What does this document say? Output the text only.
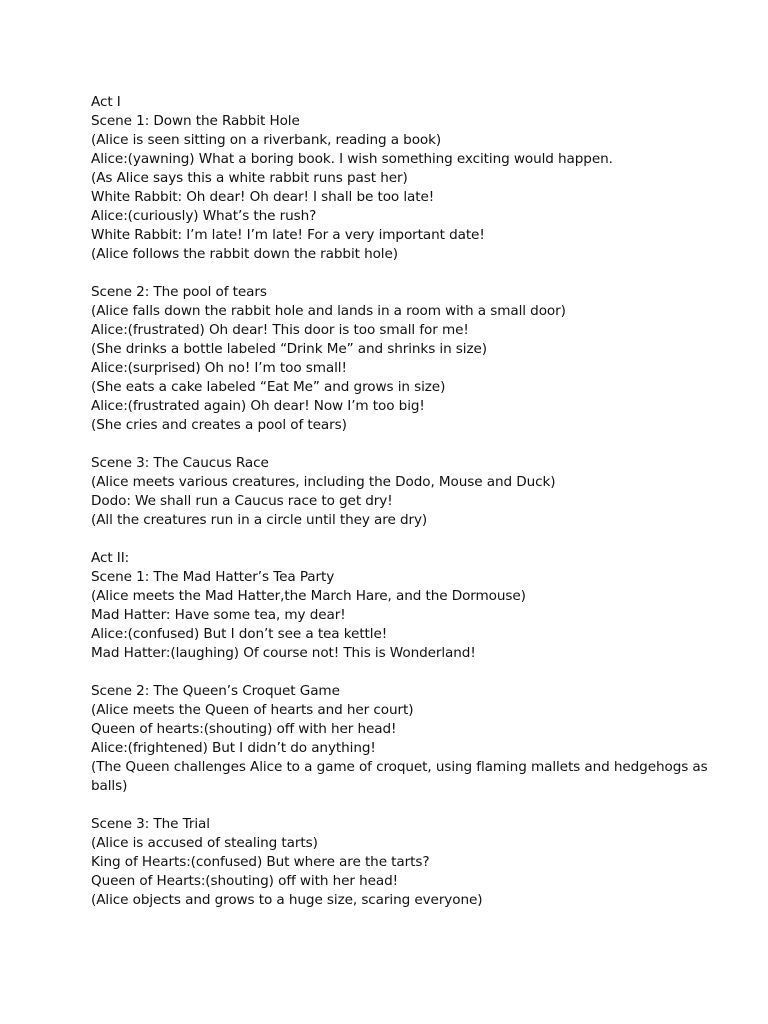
Act I
Scene 1: Down the Rabbit Hole
(Alice is seen sitting on a riverbank, reading a book)
Alice:(yawning) What a boring book. I wish something exciting would happen.
(As Alice says this a white rabbit runs past her)
White Rabbit: Oh dear! Oh dear! I shall be too late!
Alice:(curiously) What’s the rush?
White Rabbit: I’m late! I’m late! For a very important date!
(Alice follows the rabbit down the rabbit hole)
Scene 2: The pool of tears
(Alice falls down the rabbit hole and lands in a room with a small door)
Alice:(frustrated) Oh dear! This door is too small for me!
(She drinks a bottle labeled “Drink Me” and shrinks in size)
Alice:(surprised) Oh no! I’m too small!
(She eats a cake labeled “Eat Me” and grows in size)
Alice:(frustrated again) Oh dear! Now I’m too big!
(She cries and creates a pool of tears)
Scene 3: The Caucus Race
(Alice meets various creatures, including the Dodo, Mouse and Duck)
Dodo: We shall run a Caucus race to get dry!
(All the creatures run in a circle until they are dry)
Act II:
Scene 1: The Mad Hatter’s Tea Party
(Alice meets the Mad Hatter,the March Hare, and the Dormouse)
Mad Hatter: Have some tea, my dear!
Alice:(confused) But I don’t see a tea kettle!
Mad Hatter:(laughing) Of course not! This is Wonderland!
Scene 2: The Queen’s Croquet Game
(Alice meets the Queen of hearts and her court)
Queen of hearts:(shouting) off with her head!
Alice:(frightened) But I didn’t do anything!
(The Queen challenges Alice to a game of croquet, using flaming mallets and hedgehogs as
balls)
Scene 3: The Trial
(Alice is accused of stealing tarts)
King of Hearts:(confused) But where are the tarts?
Queen of Hearts:(shouting) off with her head!
(Alice objects and grows to a huge size, scaring everyone)
